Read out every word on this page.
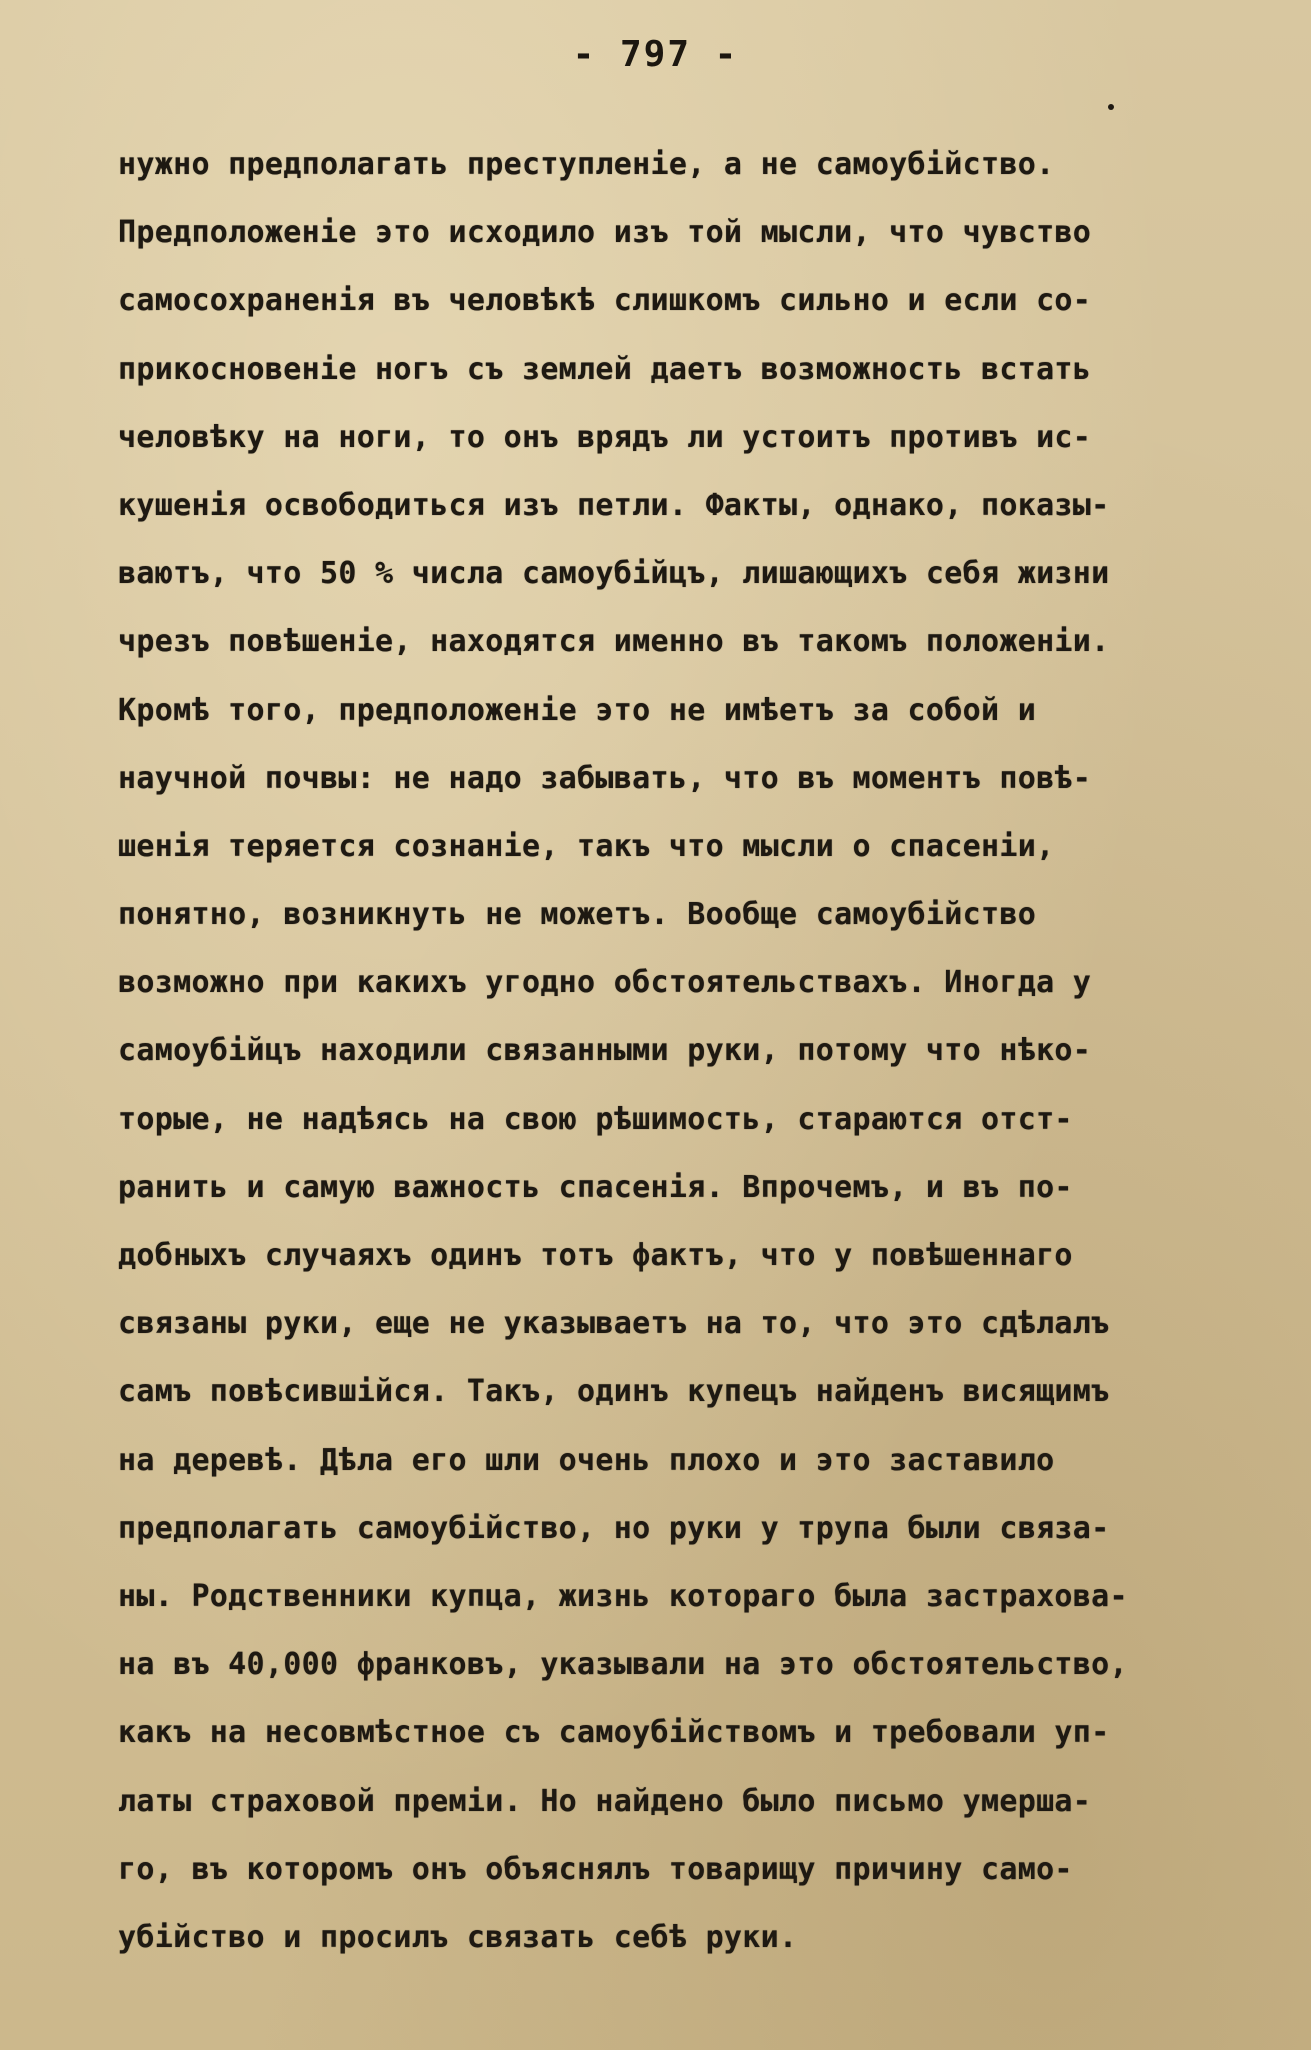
- 797 -
нужно предполагать преступленіе, а не самоубійство.
Предположеніе это исходило изъ той мысли, что чувство
самосохраненія въ человѣкѣ слишкомъ сильно и если со-
прикосновеніе ногъ съ землей даетъ возможность встать
человѣку на ноги, то онъ врядъ ли устоитъ противъ ис-
кушенія освободиться изъ петли. Факты, однако, показы-
ваютъ, что 50 % числа самоубійцъ, лишающихъ себя жизни
чрезъ повѣшеніе, находятся именно въ такомъ положеніи.
Кромѣ того, предположеніе это не имѣетъ за собой и
научной почвы: не надо забывать, что въ моментъ повѣ-
шенія теряется сознаніе, такъ что мысли о спасеніи,
понятно, возникнуть не можетъ. Вообще самоубійство
возможно при какихъ угодно обстоятельствахъ. Иногда у
самоубійцъ находили связанными руки, потому что нѣко-
торые, не надѣясь на свою рѣшимость, стараются отст-
ранить и самую важность спасенія. Впрочемъ, и въ по-
добныхъ случаяхъ одинъ тотъ фактъ, что у повѣшеннаго
связаны руки, еще не указываетъ на то, что это сдѣлалъ
самъ повѣсившійся. Такъ, одинъ купецъ найденъ висящимъ
на деревѣ. Дѣла его шли очень плохо и это заставило
предполагать самоубійство, но руки у трупа были связа-
ны. Родственники купца, жизнь котораго была застрахова-
на въ 40,000 франковъ, указывали на это обстоятельство,
какъ на несовмѣстное съ самоубійствомъ и требовали уп-
латы страховой преміи. Но найдено было письмо умерша-
го, въ которомъ онъ объяснялъ товарищу причину само-
убійство и просилъ связать себѣ руки.
